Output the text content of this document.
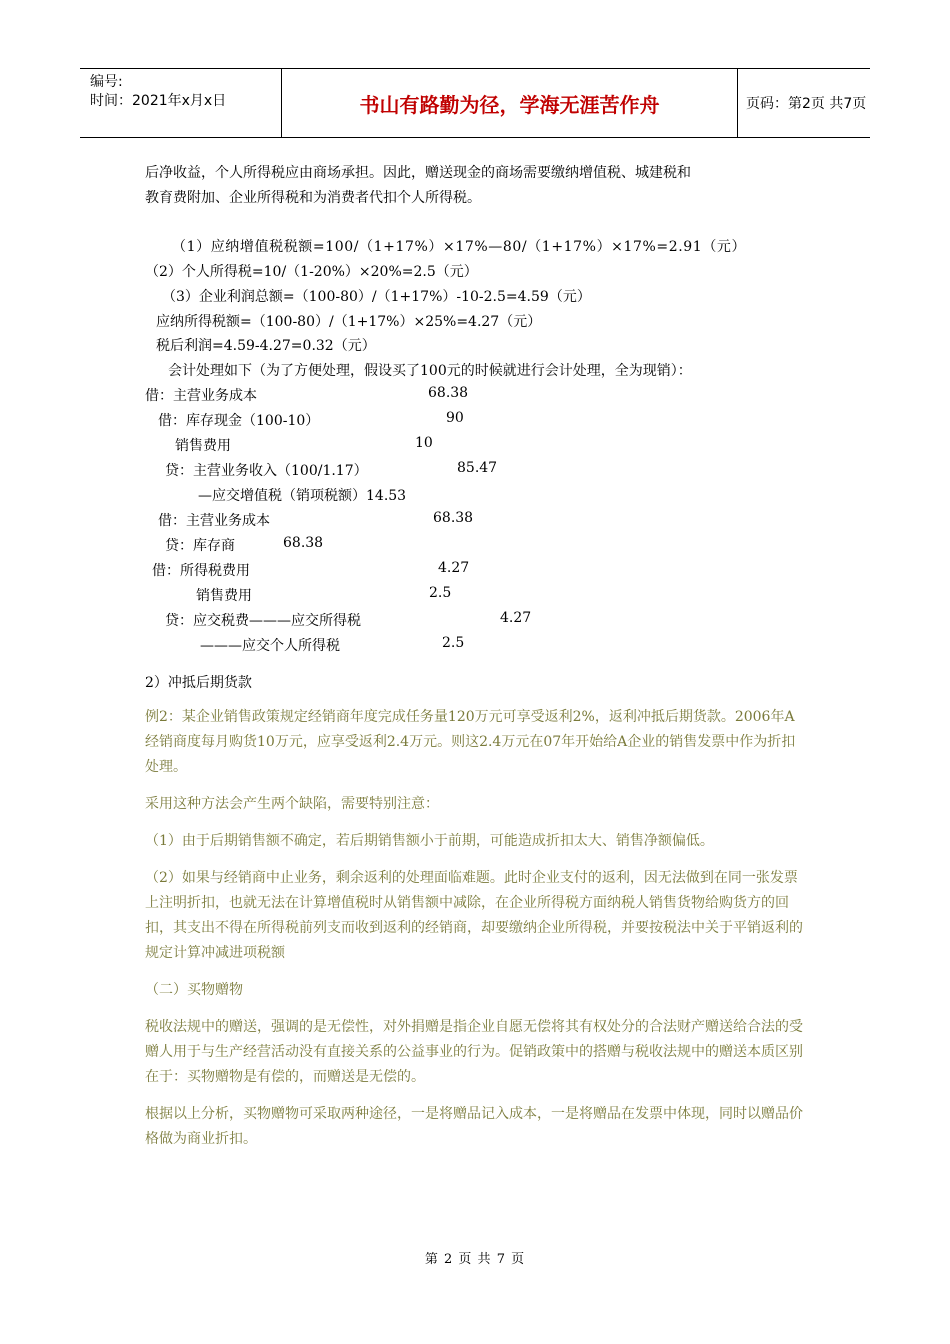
编号:
时间：2021年x月x日	书山有路勤为径，学海无涯苦作舟	页码：第2页 共7页
后净收益，个人所得税应由商场承担。因此，赠送现金的商场需要缴纳增值税、城建税和
教育费附加、企业所得税和为消费者代扣个人所得税。
（1）应纳增值税税额=100/（1+17%）×17%—80/（1+17%）×17%=2.91（元）
（2）个人所得税=10/（1-20%）×20%=2.5（元）
（3）企业利润总额=（100-80）/（1+17%）-10-2.5=4.59（元）
应纳所得税额=（100-80）/（1+17%）×25%=4.27（元）
税后利润=4.59-4.27=0.32（元）
会计处理如下（为了方便处理，假设买了100元的时候就进行会计处理，全为现销）：
借：主营业务成本	68.38
借：库存现金（100-10）	90
销售费用	10
贷：主营业务收入（100/1.17）	85.47
—应交增值税（销项税额）14.53
借：主营业务成本	68.38
贷：库存商	68.38
借：所得税费用	4.27
销售费用	2.5
贷：应交税费———应交所得税	4.27
———应交个人所得税	2.5
2）冲抵后期货款
例2：某企业销售政策规定经销商年度完成任务量120万元可享受返利2%，返利冲抵后期货款。2006年A经销商度每月购货10万元，应享受返利2.4万元。则这2.4万元在07年开始给A企业的销售发票中作为折扣处理。
采用这种方法会产生两个缺陷，需要特别注意：
（1）由于后期销售额不确定，若后期销售额小于前期，可能造成折扣太大、销售净额偏低。
（2）如果与经销商中止业务，剩余返利的处理面临难题。此时企业支付的返利，因无法做到在同一张发票上注明折扣，也就无法在计算增值税时从销售额中减除，在企业所得税方面纳税人销售货物给购货方的回扣，其支出不得在所得税前列支而收到返利的经销商，却要缴纳企业所得税，并要按税法中关于平销返利的规定计算冲减进项税额
（二）买物赠物
税收法规中的赠送，强调的是无偿性，对外捐赠是指企业自愿无偿将其有权处分的合法财产赠送给合法的受赠人用于与生产经营活动没有直接关系的公益事业的行为。促销政策中的搭赠与税收法规中的赠送本质区别在于：买物赠物是有偿的，而赠送是无偿的。
根据以上分析，买物赠物可采取两种途径，一是将赠品记入成本，一是将赠品在发票中体现，同时以赠品价格做为商业折扣。
第 2 页 共 7 页
